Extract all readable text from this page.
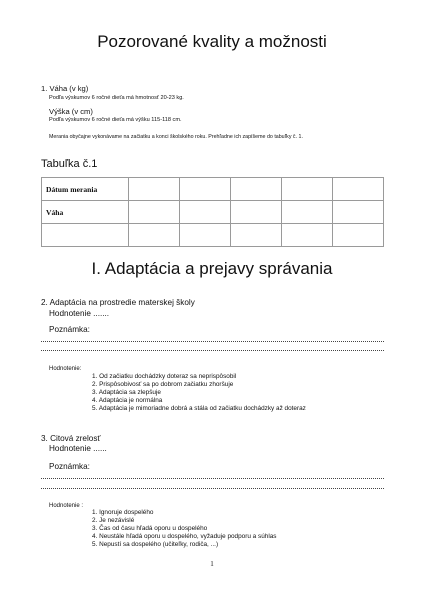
Pozorované kvality a možnosti
1. Váha (v kg)
Podľa výskumov 6 ročné dieťa má hmotnosť 20-23 kg.
Výška (v cm)
Podľa výskumov 6 ročné dieťa má výšku 115-118 cm.
Merania obyčajne vykonávame na začiatku a konci školského roku. Prehľadne ich zapíšeme do tabuľky č. 1.
Tabuľka č.1
Dátum merania					
Váha					

I. Adaptácia a prejavy správania
2. Adaptácia na prostredie materskej školy
Hodnotenie .......
Poznámka:
Hodnotenie:
1. Od začiatku dochádzky doteraz sa neprispôsobil
2. Prispôsobivosť sa po dobrom začiatku zhoršuje
3. Adaptácia sa zlepšuje
4. Adaptácia je normálna
5. Adaptácia je mimoriadne dobrá a stála od začiatku dochádzky až doteraz
3. Citová zrelosť
Hodnotenie ......
Poznámka:
Hodnotenie :
1. Ignoruje dospelého
2. Je nezávislé
3. Čas od času hľadá oporu u dospelého
4. Neustále hľadá oporu u dospelého, vyžaduje podporu a súhlas
5. Nepustí sa dospelého (učiteľky, rodiča, ...)
1
